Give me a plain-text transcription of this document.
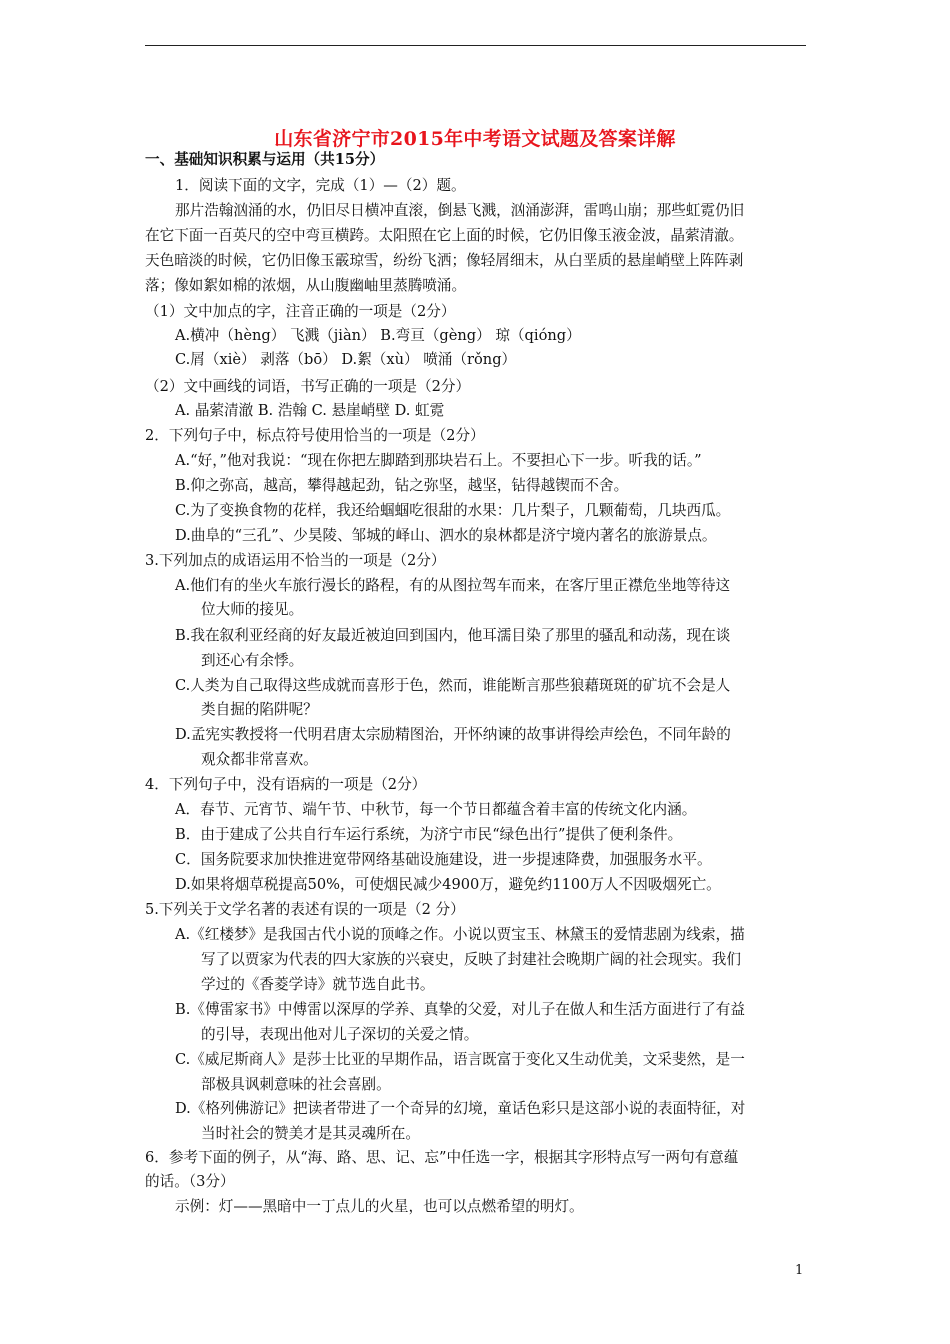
山东省济宁市2015年中考语文试题及答案详解
一、基础知识积累与运用（共15分）
1．阅读下面的文字，完成（1）—（2）题。
那片浩翰汹涌的水，仍旧尽日横冲直滚，倒悬飞溅，汹涌澎湃，雷鸣山崩；那些虹霓仍旧
在它下面一百英尺的空中弯亘横跨。太阳照在它上面的时候，它仍旧像玉液金波，晶萦清澈。
天色暗淡的时候，它仍旧像玉霰琼雪，纷纷飞洒；像轻屑细末，从白垩质的悬崖峭壁上阵阵剥
落；像如絮如棉的浓烟，从山腹幽岫里蒸腾喷涌。
（1）文中加点的字，注音正确的一项是（2分）
A.横冲（hèng） 飞溅（jiàn） B.弯亘（gèng） 琼（qióng）
C.屑（xiè） 剥落（bō） D.絮（xù） 喷涌（rǒng）
（2）文中画线的词语，书写正确的一项是（2分）
A. 晶萦清澈 B. 浩翰 C. 悬崖峭壁 D. 虹霓
2．下列句子中，标点符号使用恰当的一项是（2分）
A.“好，”他对我说：“现在你把左脚踏到那块岩石上。不要担心下一步。听我的话。”
B.仰之弥高，越高，攀得越起劲，钻之弥坚，越坚，钻得越锲而不舍。
C.为了变换食物的花样，我还给蝈蝈吃很甜的水果：几片梨子，几颗葡萄，几块西瓜。
D.曲阜的“三孔”、少昊陵、邹城的峄山、泗水的泉林都是济宁境内著名的旅游景点。
3.下列加点的成语运用不恰当的一项是（2分）
A.他们有的坐火车旅行漫长的路程，有的从图拉驾车而来，在客厅里正襟危坐地等待这
位大师的接见。
B.我在叙利亚经商的好友最近被迫回到国内，他耳濡目染了那里的骚乱和动荡，现在谈
到还心有余悸。
C.人类为自己取得这些成就而喜形于色，然而，谁能断言那些狼藉斑斑的矿坑不会是人
类自掘的陷阱呢？
D.孟宪实教授将一代明君唐太宗励精图治，开怀纳谏的故事讲得绘声绘色，不同年龄的
观众都非常喜欢。
4．下列句子中，没有语病的一项是（2分）
A．春节、元宵节、端午节、中秋节，每一个节日都蕴含着丰富的传统文化内涵。
B．由于建成了公共自行车运行系统，为济宁市民“绿色出行”提供了便利条件。
C．国务院要求加快推进宽带网络基础设施建设，进一步提速降费，加强服务水平。
D.如果将烟草税提高50%，可使烟民减少4900万，避免约1100万人不因吸烟死亡。
5.下列关于文学名著的表述有误的一项是（2 分）
A.《红楼梦》是我国古代小说的顶峰之作。小说以贾宝玉、林黛玉的爱情悲剧为线索，描
写了以贾家为代表的四大家族的兴衰史，反映了封建社会晚期广阔的社会现实。我们
学过的《香菱学诗》就节选自此书。
B.《傅雷家书》中傅雷以深厚的学养、真挚的父爱，对儿子在做人和生活方面进行了有益
的引导，表现出他对儿子深切的关爱之情。
C.《威尼斯商人》是莎士比亚的早期作品，语言既富于变化又生动优美，文采斐然，是一
部极具讽刺意味的社会喜剧。
D.《格列佛游记》把读者带进了一个奇异的幻境，童话色彩只是这部小说的表面特征，对
当时社会的赞美才是其灵魂所在。
6．参考下面的例子，从“海、路、思、记、忘”中任选一字，根据其字形特点写一两句有意蕴
的话。（3分）
示例：灯——黑暗中一丁点儿的火星，也可以点燃希望的明灯。
1
